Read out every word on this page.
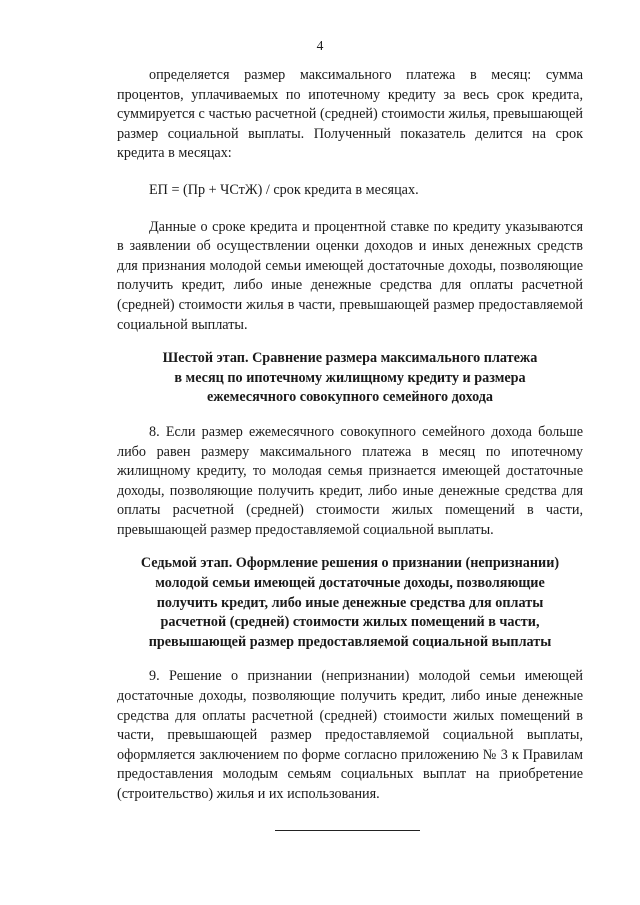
4

определяется размер максимального платежа в месяц: сумма процентов, уплачиваемых по ипотечному кредиту за весь срок кредита, суммируется с частью расчетной (средней) стоимости жилья, превышающей размер социальной выплаты. Полученный показатель делится на срок кредита в месяцах:

ЕП = (Пр + ЧСтЖ) / срок кредита в месяцах.

Данные о сроке кредита и процентной ставке по кредиту указываются в заявлении об осуществлении оценки доходов и иных денежных средств для признания молодой семьи имеющей достаточные доходы, позволяющие получить кредит, либо иные денежные средства для оплаты расчетной (средней) стоимости жилья в части, превышающей размер предоставляемой социальной выплаты.

Шестой этап. Сравнение размера максимального платежа
в месяц по ипотечному жилищному кредиту и размера
ежемесячного совокупного семейного дохода

8. Если размер ежемесячного совокупного семейного дохода больше либо равен размеру максимального платежа в месяц по ипотечному жилищному кредиту, то молодая семья признается имеющей достаточные доходы, позволяющие получить кредит, либо иные денежные средства для оплаты расчетной (средней) стоимости жилых помещений в части, превышающей размер предоставляемой социальной выплаты.

Седьмой этап. Оформление решения о признании (непризнании)
молодой семьи имеющей достаточные доходы, позволяющие
получить кредит, либо иные денежные средства для оплаты
расчетной (средней) стоимости жилых помещений в части,
превышающей размер предоставляемой социальной выплаты

9. Решение о признании (непризнании) молодой семьи имеющей достаточные доходы, позволяющие получить кредит, либо иные денежные средства для оплаты расчетной (средней) стоимости жилых помещений в части, превышающей размер предоставляемой социальной выплаты, оформляется заключением по форме согласно приложению № 3 к Правилам предоставления молодым семьям социальных выплат на приобретение (строительство) жилья и их использования.
